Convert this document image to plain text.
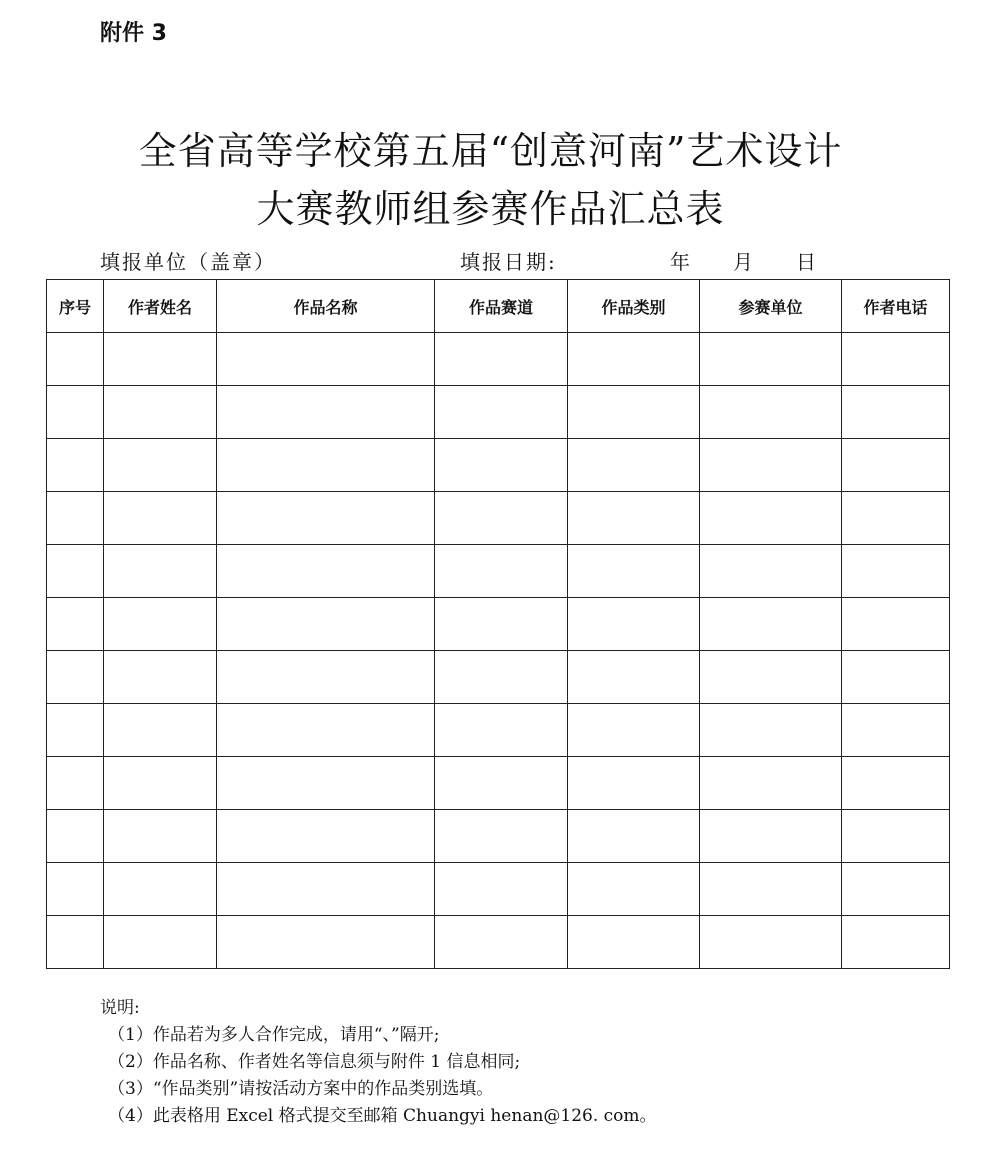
附件 3
全省高等学校第五届“创意河南”艺术设计
大赛教师组参赛作品汇总表
填报单位（盖章）	填报日期:	年 月 日
序号	作者姓名	作品名称	作品赛道	作品类别	参赛单位	作者电话

说明:
（1）作品若为多人合作完成，请用“、”隔开;
（2）作品名称、作者姓名等信息须与附件 1 信息相同;
（3）“作品类别”请按活动方案中的作品类别选填。
（4）此表格用 Excel 格式提交至邮箱 Chuangyi henan@126. com。
